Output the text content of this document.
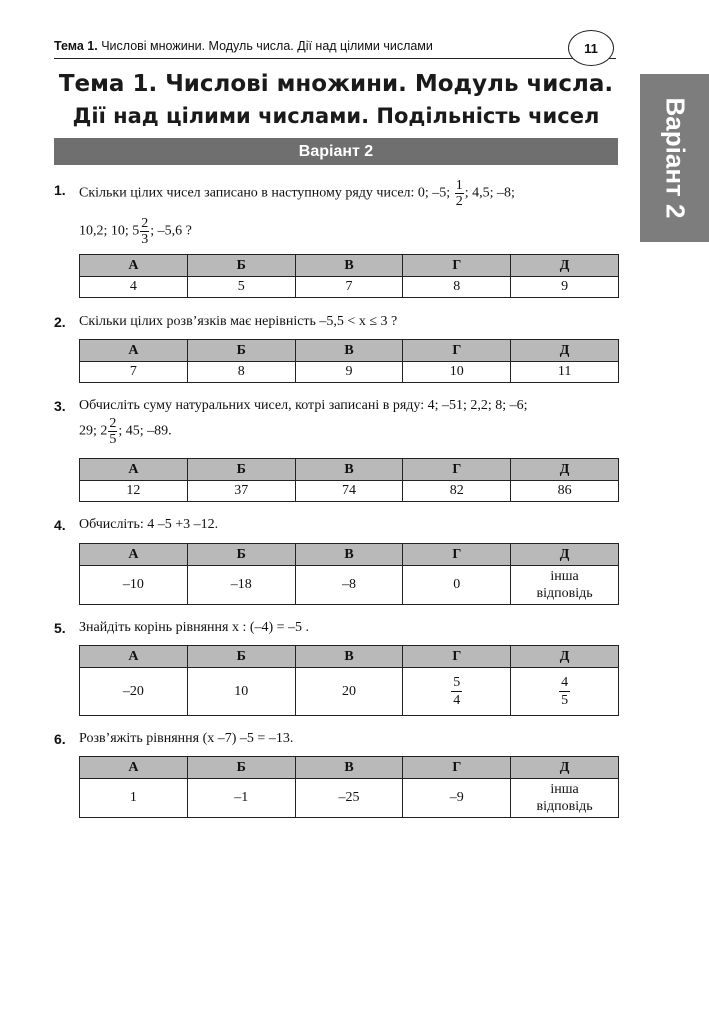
Тема 1. Числові множини. Модуль числа. Дії над цілими числами	11
Варіант 2
Тема 1. Числові множини. Модуль числа.
Дії над цілими числами. Подільність чисел
Варіант 2
1. Скільки цілих чисел записано в наступному ряду чисел: 0; –5; $\frac{1}{2}$ ; 4,5; –8;
10,2; 10; $5 \frac{2}{3}$ ; –5,6 ?
А	Б	В	Г	Д
4	5	7	8	9
2. Скільки цілих розв’язків має нерівність –5,5 < x ≤ 3 ?
А	Б	В	Г	Д
7	8	9	10	11
3. Обчисліть суму натуральних чисел, котрі записані в ряду: 4; –51; 2,2; 8; –6;
29; $2 \frac{2}{5}$ ; 45; –89.
А	Б	В	Г	Д
12	37	74	82	86
4. Обчисліть: 4 –5 +3 –12.
А	Б	В	Г	Д
–10	–18	–8	0	інша
відповідь
5. Знайдіть корінь рівняння x : (–4) = –5 .
А	Б	В	Г	Д
–20	10	20	$\frac{5}{4}$	$\frac{4}{5}$
6. Розв’яжіть рівняння (x –7) –5 = –13.
А	Б	В	Г	Д
1	–1	–25	–9	інша
відповідь
